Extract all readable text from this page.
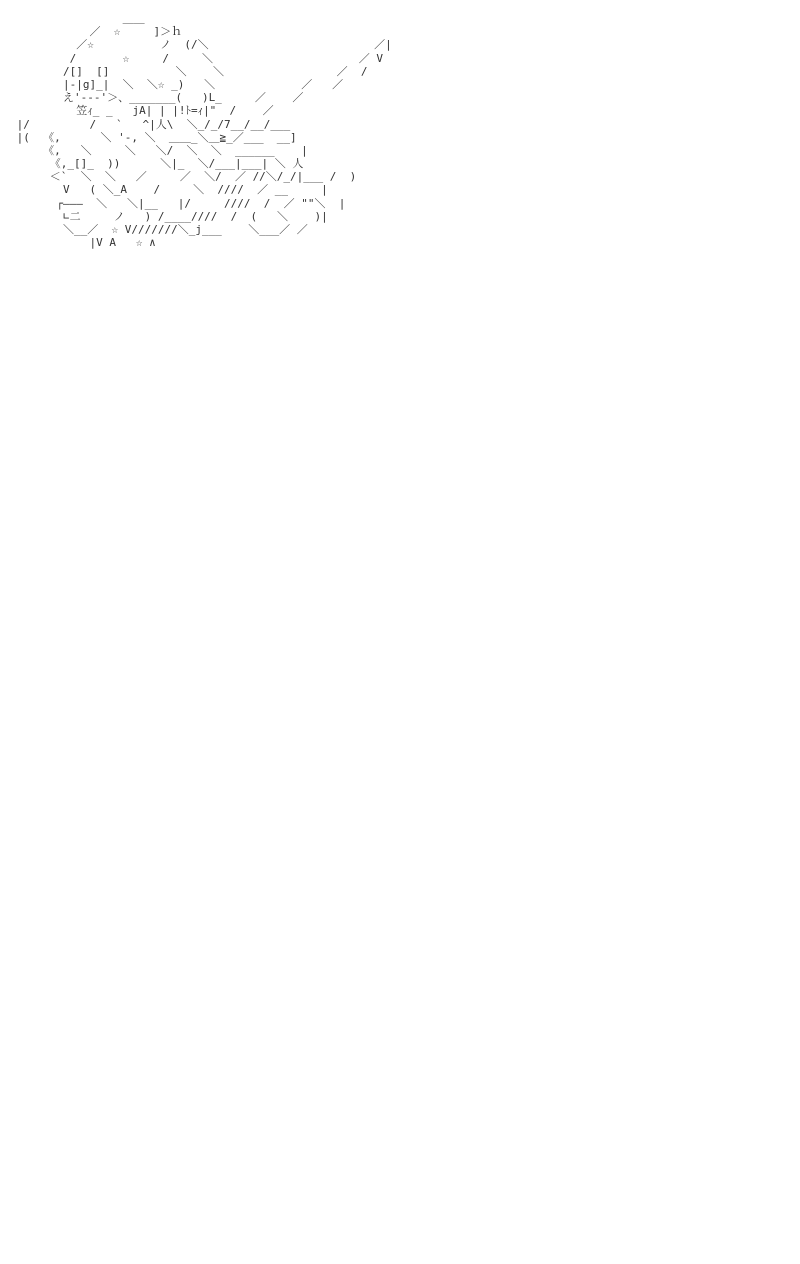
＿＿
／  ☆     ]＞ｈ
／☆          ノ  (/＼                         ／|
/       ☆     /     ＼                      ／ V
/[]  []          ＼    ＼                 ／  /
|-|g]_|  ＼  ＼☆ _)   ＼             ／   ／
え'---'＞、_______(   )L_     ／    ／
笠ｨ_ _   jA| | |!ﾄ=ｨ|"  /    ／
|/         /   `   ^|人\  ＼_/_/7__/__/___
|(  《,      ＼ '-, ＼  ＿＿_＼＿≧_／___  __]
《,   ＼     ＼   ＼/  ＼  ＼  ______    |
《,_[]_  ))      ＼|_  ＼/___|___| ＼ 人
＜`  ＼  ＼   ／     ／  ＼/  ／ //＼/_/|___ /  )
V   ( ＼_A    /     ＼  ////  ／ __     |
┌―――  ＼   ＼|__   |/     ////  /  ／ ""＼  |
∟二     ノ   ) /____////  /  (   ＼    )|
＼__／  ☆ V///////＼_j___    ＼___／ ／
|V A   ☆ ∧
